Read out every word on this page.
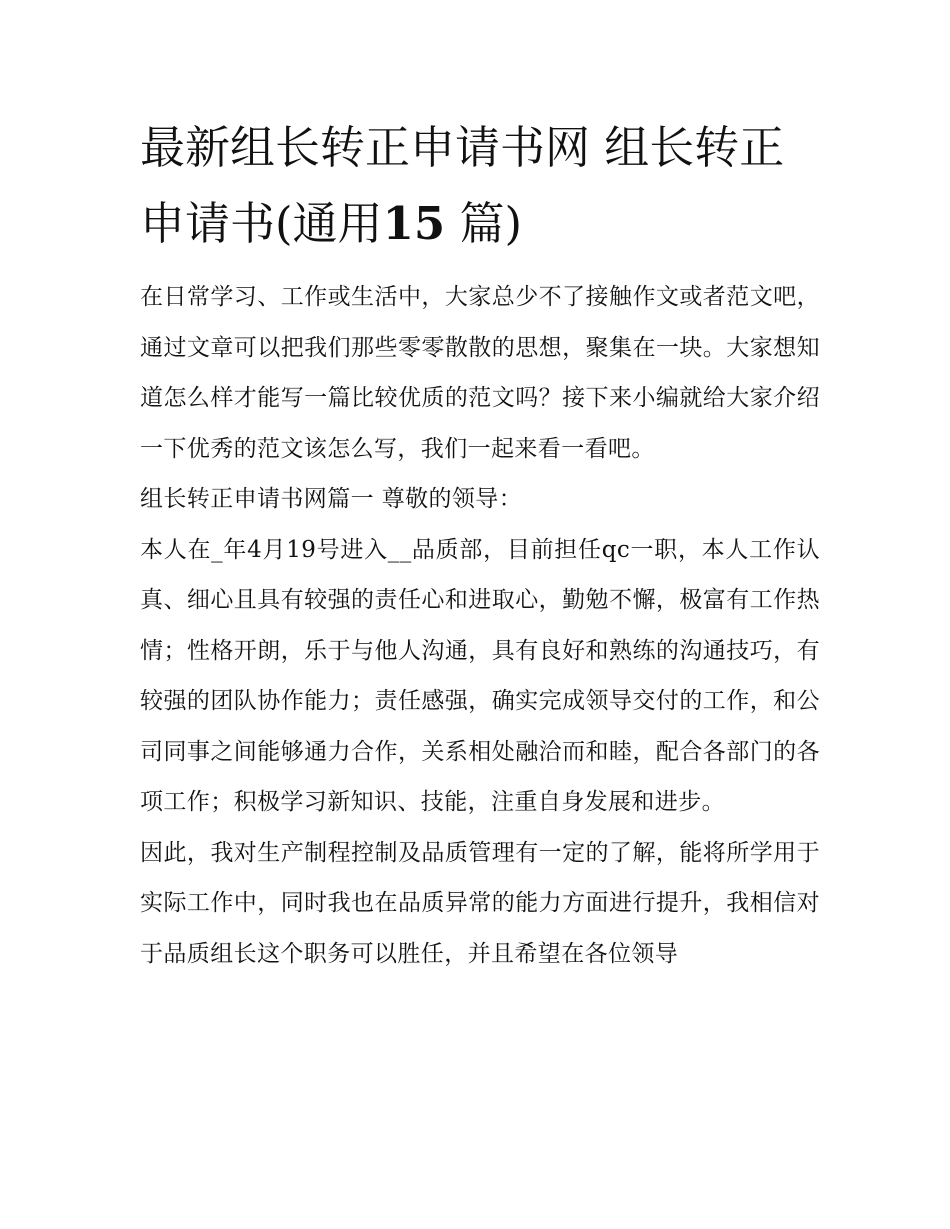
最新组长转正申请书网 组长转正申请书(通用15 篇)

在日常学习、工作或生活中，大家总少不了接触作文或者范文吧，通过文章可以把我们那些零零散散的思想，聚集在一块。大家想知道怎么样才能写一篇比较优质的范文吗？接下来小编就给大家介绍一下优秀的范文该怎么写，我们一起来看一看吧。

组长转正申请书网篇一 尊敬的领导：

本人在_年4月19号进入__品质部，目前担任qc一职，本人工作认真、细心且具有较强的责任心和进取心，勤勉不懈，极富有工作热情；性格开朗，乐于与他人沟通，具有良好和熟练的沟通技巧，有较强的团队协作能力；责任感强，确实完成领导交付的工作，和公司同事之间能够通力合作，关系相处融洽而和睦，配合各部门的各项工作；积极学习新知识、技能，注重自身发展和进步。

因此，我对生产制程控制及品质管理有一定的了解，能将所学用于实际工作中，同时我也在品质异常的能力方面进行提升，我相信对于品质组长这个职务可以胜任，并且希望在各位领导
